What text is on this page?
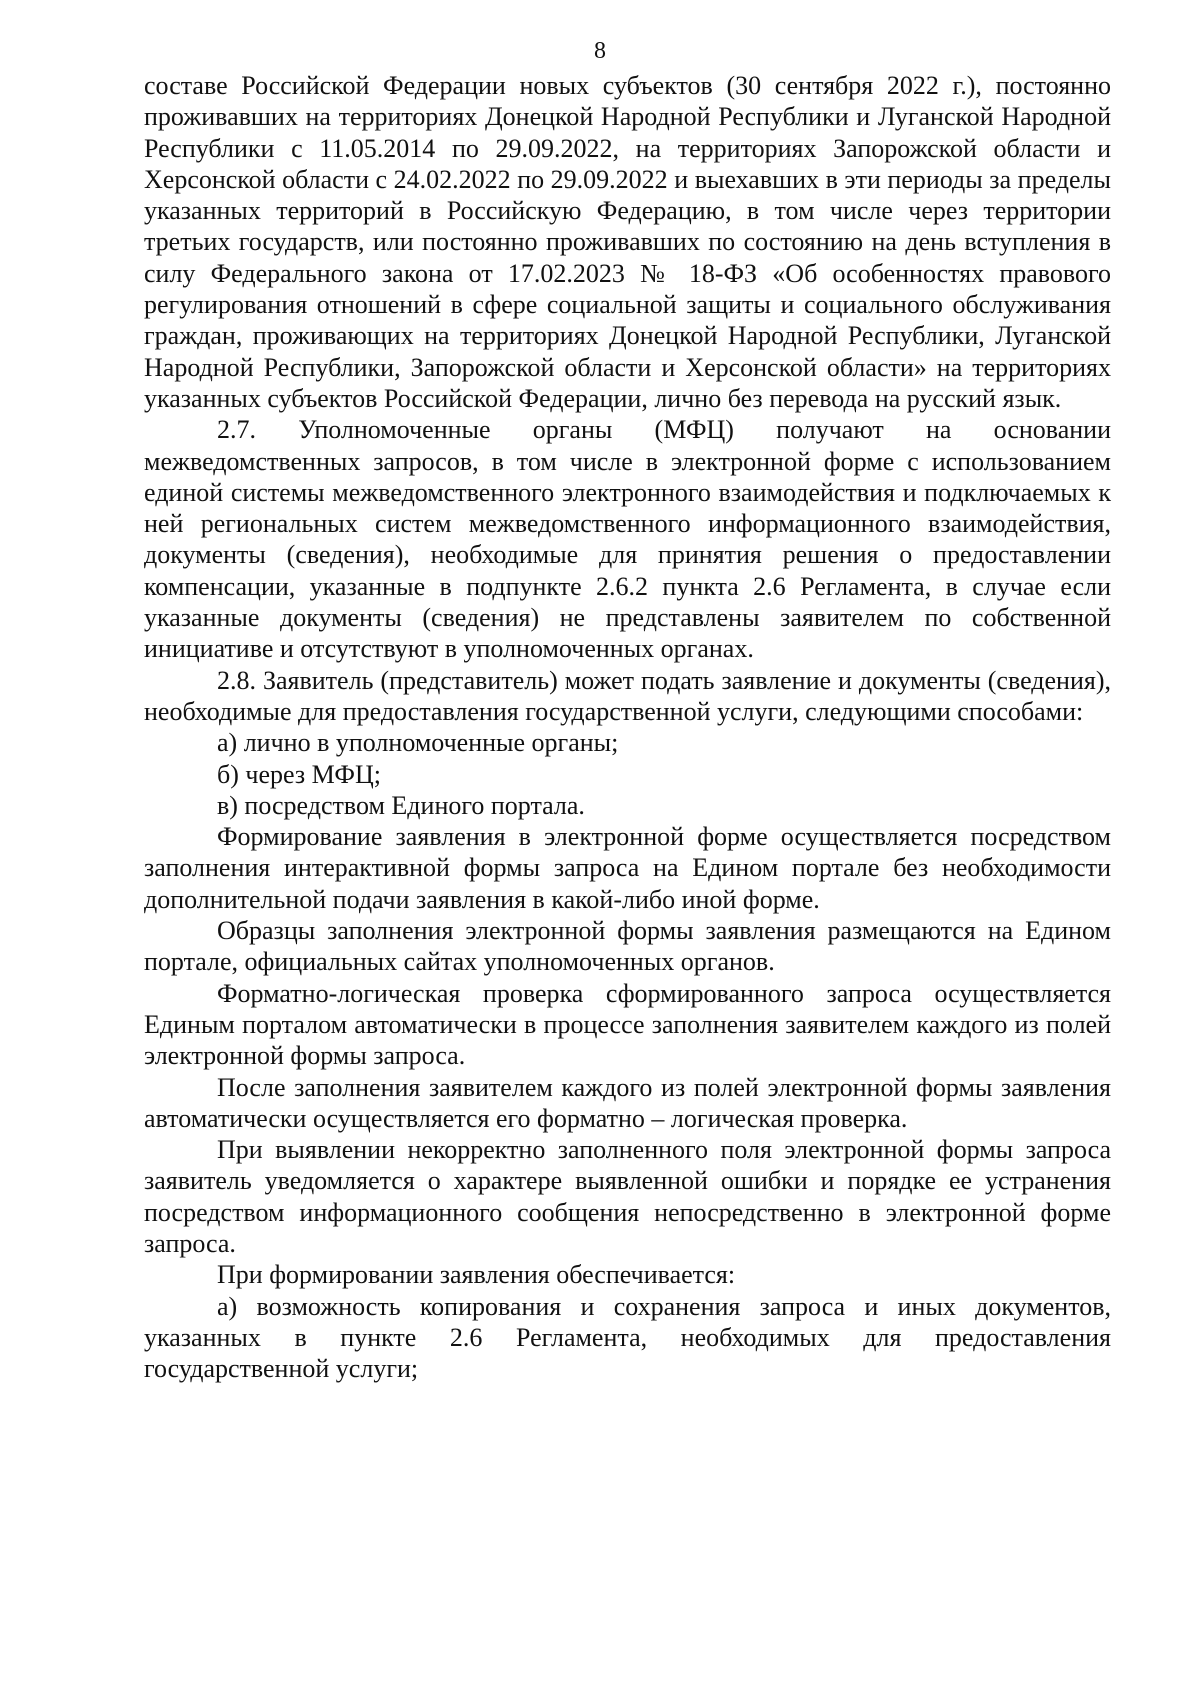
8

составе Российской Федерации новых субъектов (30 сентября 2022 г.), постоянно проживавших на территориях Донецкой Народной Республики и Луганской Народной Республики с 11.05.2014 по 29.09.2022, на территориях Запорожской области и Херсонской области с 24.02.2022 по 29.09.2022 и выехавших в эти периоды за пределы указанных территорий в Российскую Федерацию, в том числе через территории третьих государств, или постоянно проживавших по состоянию на день вступления в силу Федерального закона от 17.02.2023 № 18-ФЗ «Об особенностях правового регулирования отношений в сфере социальной защиты и социального обслуживания граждан, проживающих на территориях Донецкой Народной Республики, Луганской Народной Республики, Запорожской области и Херсонской области» на территориях указанных субъектов Российской Федерации, лично без перевода на русский язык.

2.7. Уполномоченные органы (МФЦ) получают на основании межведомственных запросов, в том числе в электронной форме с использованием единой системы межведомственного электронного взаимодействия и подключаемых к ней региональных систем межведомственного информационного взаимодействия, документы (сведения), необходимые для принятия решения о предоставлении компенсации, указанные в подпункте 2.6.2 пункта 2.6 Регламента, в случае если указанные документы (сведения) не представлены заявителем по собственной инициативе и отсутствуют в уполномоченных органах.

2.8. Заявитель (представитель) может подать заявление и документы (сведения), необходимые для предоставления государственной услуги, следующими способами:

а) лично в уполномоченные органы;

б) через МФЦ;

в) посредством Единого портала.

Формирование заявления в электронной форме осуществляется посредством заполнения интерактивной формы запроса на Едином портале без необходимости дополнительной подачи заявления в какой-либо иной форме.

Образцы заполнения электронной формы заявления размещаются на Едином портале, официальных сайтах уполномоченных органов.

Форматно-логическая проверка сформированного запроса осуществляется Единым порталом автоматически в процессе заполнения заявителем каждого из полей электронной формы запроса.

После заполнения заявителем каждого из полей электронной формы заявления автоматически осуществляется его форматно – логическая проверка.

При выявлении некорректно заполненного поля электронной формы запроса заявитель уведомляется о характере выявленной ошибки и порядке ее устранения посредством информационного сообщения непосредственно в электронной форме запроса.

При формировании заявления обеспечивается:

а) возможность копирования и сохранения запроса и иных документов, указанных в пункте 2.6 Регламента, необходимых для предоставления государственной услуги;
